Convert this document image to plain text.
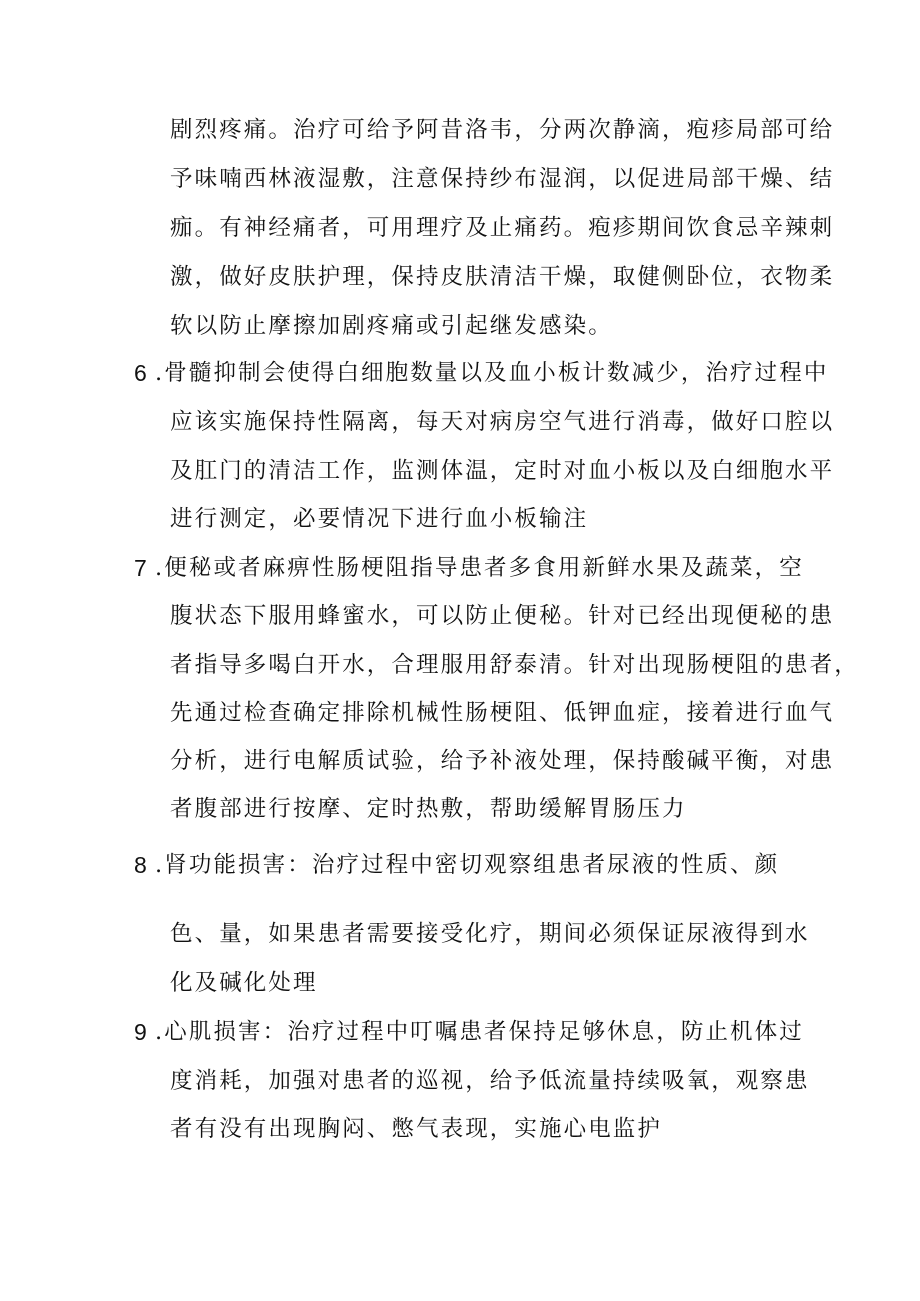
剧烈疼痛。治疗可给予阿昔洛韦，分两次静滴，疱疹局部可给
予味喃西林液湿敷，注意保持纱布湿润，以促进局部干燥、结
痂。有神经痛者，可用理疗及止痛药。疱疹期间饮食忌辛辣刺
激，做好皮肤护理，保持皮肤清洁干燥，取健侧卧位，衣物柔
软以防止摩擦加剧疼痛或引起继发感染。
6 .骨髓抑制会使得白细胞数量以及血小板计数减少，治疗过程中
应该实施保持性隔离，每天对病房空气进行消毒，做好口腔以
及肛门的清洁工作，监测体温，定时对血小板以及白细胞水平
进行测定，必要情况下进行血小板输注
7 .便秘或者麻痹性肠梗阻指导患者多食用新鲜水果及蔬菜，空
腹状态下服用蜂蜜水，可以防止便秘。针对已经出现便秘的患
者指导多喝白开水，合理服用舒泰清。针对出现肠梗阻的患者，
先通过检查确定排除机械性肠梗阻、低钾血症，接着进行血气
分析，进行电解质试验，给予补液处理，保持酸碱平衡，对患
者腹部进行按摩、定时热敷，帮助缓解胃肠压力
8 .肾功能损害：治疗过程中密切观察组患者尿液的性质、颜
色、量，如果患者需要接受化疗，期间必须保证尿液得到水
化及碱化处理
9 .心肌损害：治疗过程中叮嘱患者保持足够休息，防止机体过
度消耗，加强对患者的巡视，给予低流量持续吸氧，观察患
者有没有出现胸闷、憋气表现，实施心电监护
